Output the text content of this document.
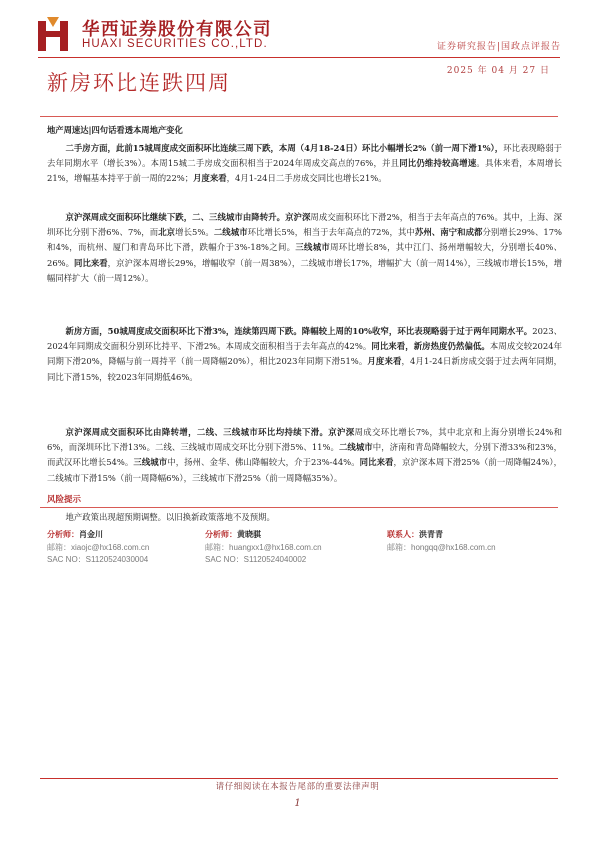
华西证券股份有限公司
HUAXI SECURITIES CO.,LTD.	证券研究报告|国政点评报告
2025 年 04 月 27 日
新房环比连跌四周
地产周速达|四句话看透本周地产变化
二手房方面，此前15城周度成交面积环比连续三周下跌，本周（4月18-24日）环比小幅增长2%（前一周下滑1%），环比表现略弱于去年同期水平（增长3%）。本周15城二手房成交面积相当于2024年周成交高点的76%，并且同比仍维持较高增速。具体来看，本周增长21%，增幅基本持平于前一周的22%；月度来看，4月1-24日二手房成交同比也增长21%。
京沪深周成交面积环比继续下跌，二、三线城市由降转升。京沪深周成交面积环比下滑2%，相当于去年高点的76%。其中，上海、深圳环比分别下滑6%、7%，而北京增长5%。二线城市环比增长5%，相当于去年高点的72%，其中苏州、南宁和成都分别增长29%、17%和4%，而杭州、厦门和青岛环比下滑，跌幅介于3%-18%之间。三线城市周环比增长8%，其中江门、扬州增幅较大，分别增长40%、26%。同比来看，京沪深本周增长29%，增幅收窄（前一周38%），二线城市增长17%，增幅扩大（前一周14%），三线城市增长15%，增幅同样扩大（前一周12%）。
新房方面，50城周度成交面积环比下滑3%，连续第四周下跌。降幅较上周的10%收窄，环比表现略弱于过于两年同期水平。2023、2024年同期成交面积分别环比持平、下滑2%。本周成交面积相当于去年高点的42%。同比来看，新房热度仍然偏低。本周成交较2024年同期下滑20%，降幅与前一周持平（前一周降幅20%），相比2023年同期下滑51%。月度来看，4月1-24日新房成交弱于过去两年同期，同比下滑15%，较2023年同期低46%。
京沪深周成交面积环比由降转增，二线、三线城市环比均持续下滑。京沪深周成交环比增长7%，其中北京和上海分别增长24%和6%，而深圳环比下滑13%。二线、三线城市周成交环比分别下滑5%、11%。二线城市中，济南和青岛降幅较大，分别下滑33%和23%，而武汉环比增长54%。三线城市中，扬州、金华、佛山降幅较大，介于23%-44%。同比来看，京沪深本周下滑25%（前一周降幅24%），二线城市下滑15%（前一周降幅6%），三线城市下滑25%（前一周降幅35%）。
风险提示
地产政策出现超预期调整。以旧换新政策落地不及预期。
分析师：肖金川
邮箱：xiaojc@hx168.com.cn
SAC NO：S1120524030004
分析师：黄晓骐
邮箱：huangxx1@hx168.com.cn
SAC NO：S1120524040002
联系人：洪青青
邮箱：hongqq@hx168.com.cn
请仔细阅读在本报告尾部的重要法律声明
1
